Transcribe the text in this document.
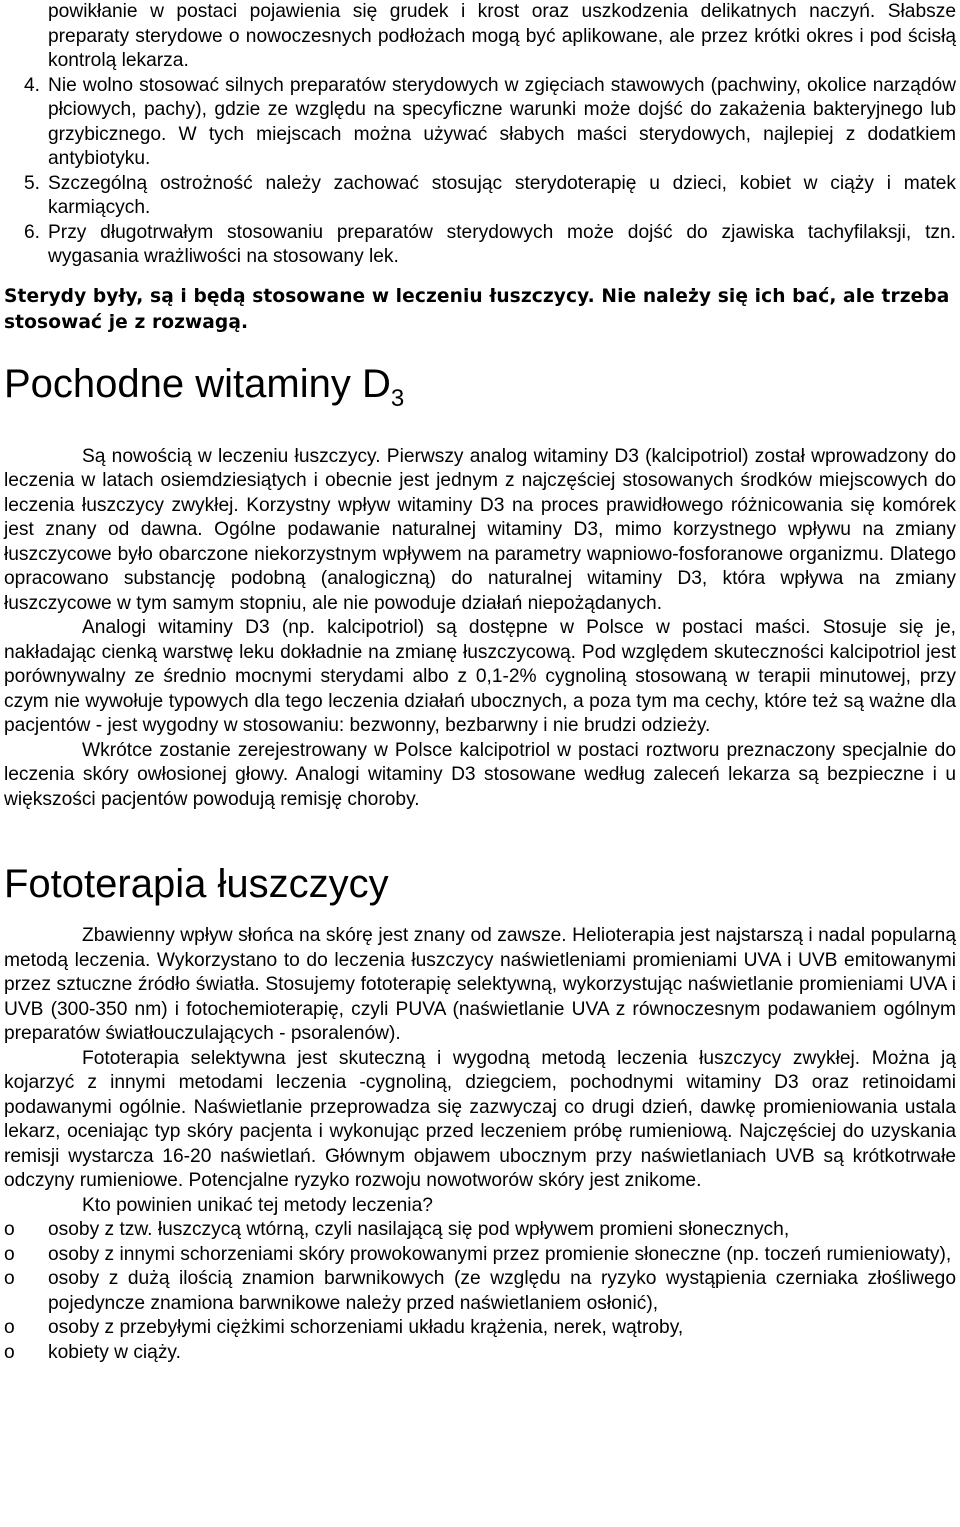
powikłanie w postaci pojawienia się grudek i krost oraz uszkodzenia delikatnych naczyń. Słabsze preparaty sterydowe o nowoczesnych podłożach mogą być aplikowane, ale przez krótki okres i pod ścisłą kontrolą lekarza.

4. Nie wolno stosować silnych preparatów sterydowych w zgięciach stawowych (pachwiny, okolice narządów płciowych, pachy), gdzie ze względu na specyficzne warunki może dojść do zakażenia bakteryjnego lub grzybicznego. W tych miejscach można używać słabych maści sterydowych, najlepiej z dodatkiem antybiotyku.
5. Szczególną ostrożność należy zachować stosując sterydoterapię u dzieci, kobiet w ciąży i matek karmiących.
6. Przy długotrwałym stosowaniu preparatów sterydowych może dojść do zjawiska tachyfilaksji, tzn. wygasania wrażliwości na stosowany lek.

Sterydy były, są i będą stosowane w leczeniu łuszczycy. Nie należy się ich bać, ale trzeba stosować je z rozwagą.

Pochodne witaminy $D_3$

Są nowością w leczeniu łuszczycy. Pierwszy analog witaminy D3 (kalcipotriol) został wprowadzony do leczenia w latach osiemdziesiątych i obecnie jest jednym z najczęściej stosowanych środków miejscowych do leczenia łuszczycy zwykłej. Korzystny wpływ witaminy D3 na proces prawidłowego różnicowania się komórek jest znany od dawna. Ogólne podawanie naturalnej witaminy D3, mimo korzystnego wpływu na zmiany łuszczycowe było obarczone niekorzystnym wpływem na parametry wapniowo-fosforanowe organizmu. Dlatego opracowano substancję podobną (analogiczną) do naturalnej witaminy D3, która wpływa na zmiany łuszczycowe w tym samym stopniu, ale nie powoduje działań niepożądanych.

Analogi witaminy D3 (np. kalcipotriol) są dostępne w Polsce w postaci maści. Stosuje się je, nakładając cienką warstwę leku dokładnie na zmianę łuszczycową. Pod względem skuteczności kalcipotriol jest porównywalny ze średnio mocnymi sterydami albo z 0,1-2% cygnoliną stosowaną w terapii minutowej, przy czym nie wywołuje typowych dla tego leczenia działań ubocznych, a poza tym ma cechy, które też są ważne dla pacjentów - jest wygodny w stosowaniu: bezwonny, bezbarwny i nie brudzi odzieży.

Wkrótce zostanie zerejestrowany w Polsce kalcipotriol w postaci roztworu preznaczony specjalnie do leczenia skóry owłosionej głowy. Analogi witaminy D3 stosowane według zaleceń lekarza są bezpieczne i u większości pacjentów powodują remisję choroby.

Fototerapia łuszczycy

Zbawienny wpływ słońca na skórę jest znany od zawsze. Helioterapia jest najstarszą i nadal popularną metodą leczenia. Wykorzystano to do leczenia łuszczycy naświetleniami promieniami UVA i UVB emitowanymi przez sztuczne źródło światła. Stosujemy fototerapię selektywną, wykorzystując naświetlanie promieniami UVA i UVB (300-350 nm) i fotochemioterapię, czyli PUVA (naświetlanie UVA z równoczesnym podawaniem ogólnym preparatów światłouczulających - psoralenów).

Fototerapia selektywna jest skuteczną i wygodną metodą leczenia łuszczycy zwykłej. Można ją kojarzyć z innymi metodami leczenia -cygnoliną, dziegciem, pochodnymi witaminy D3 oraz retinoidami podawanymi ogólnie. Naświetlanie przeprowadza się zazwyczaj co drugi dzień, dawkę promieniowania ustala lekarz, oceniając typ skóry pacjenta i wykonując przed leczeniem próbę rumieniową. Najczęściej do uzyskania remisji wystarcza 16-20 naświetlań. Głównym objawem ubocznym przy naświetlaniach UVB są krótkotrwałe odczyny rumieniowe. Potencjalne ryzyko rozwoju nowotworów skóry jest znikome.

Kto powinien unikać tej metody leczenia?

o osoby z tzw. łuszczycą wtórną, czyli nasilającą się pod wpływem promieni słonecznych,
o osoby z innymi schorzeniami skóry prowokowanymi przez promienie słoneczne (np. toczeń rumieniowaty),
o osoby z dużą ilością znamion barwnikowych (ze względu na ryzyko wystąpienia czerniaka złośliwego pojedyncze znamiona barwnikowe należy przed naświetlaniem osłonić),
o osoby z przebyłymi ciężkimi schorzeniami układu krążenia, nerek, wątroby,
o kobiety w ciąży.
